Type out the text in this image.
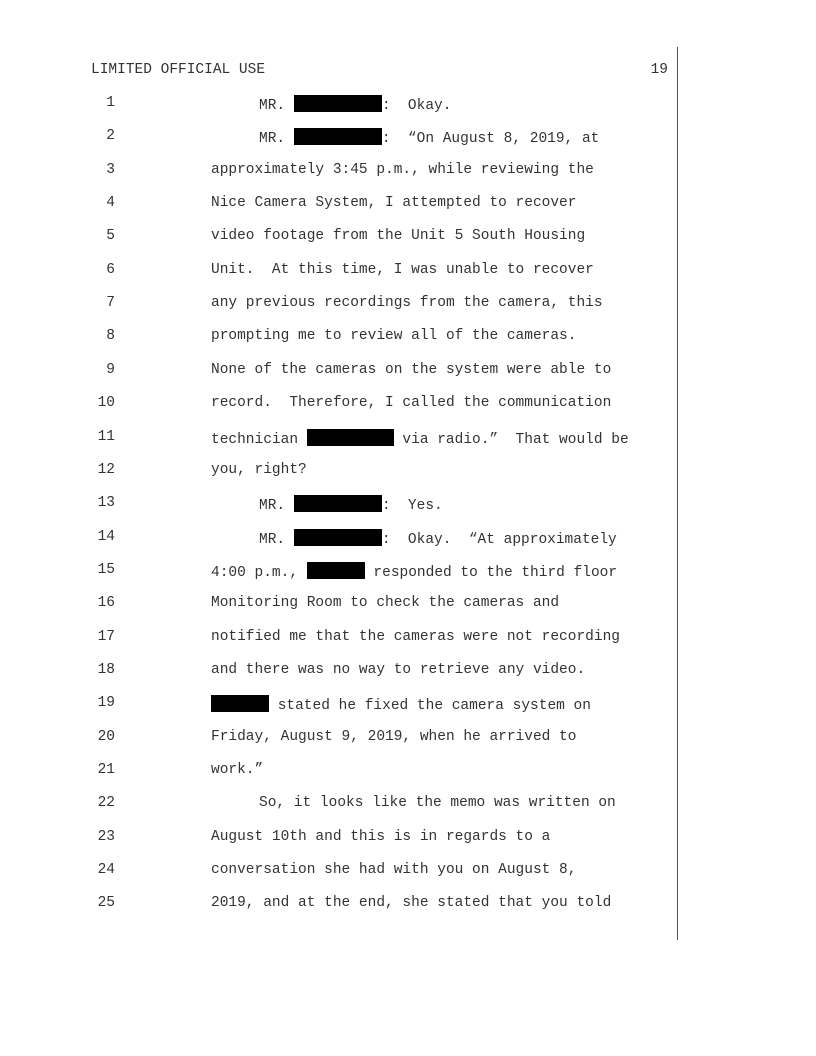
LIMITED OFFICIAL USE	19
1	MR.	:  Okay.
2	MR.	:  “On August 8, 2019, at
3	approximately 3:45 p.m., while reviewing the
4	Nice Camera System, I attempted to recover
5	video footage from the Unit 5 South Housing
6	Unit.  At this time, I was unable to recover
7	any previous recordings from the camera, this
8	prompting me to review all of the cameras.
9	None of the cameras on the system were able to
10	record.  Therefore, I called the communication
11	technician	via radio.”  That would be
12	you, right?
13	MR.	:  Yes.
14	MR.	:  Okay.  “At approximately
15	4:00 p.m.,	responded to the third floor
16	Monitoring Room to check the cameras and
17	notified me that the cameras were not recording
18	and there was no way to retrieve any video.
19	stated he fixed the camera system on
20	Friday, August 9, 2019, when he arrived to
21	work.”
22	So, it looks like the memo was written on
23	August 10th and this is in regards to a
24	conversation she had with you on August 8,
25	2019, and at the end, she stated that you told
